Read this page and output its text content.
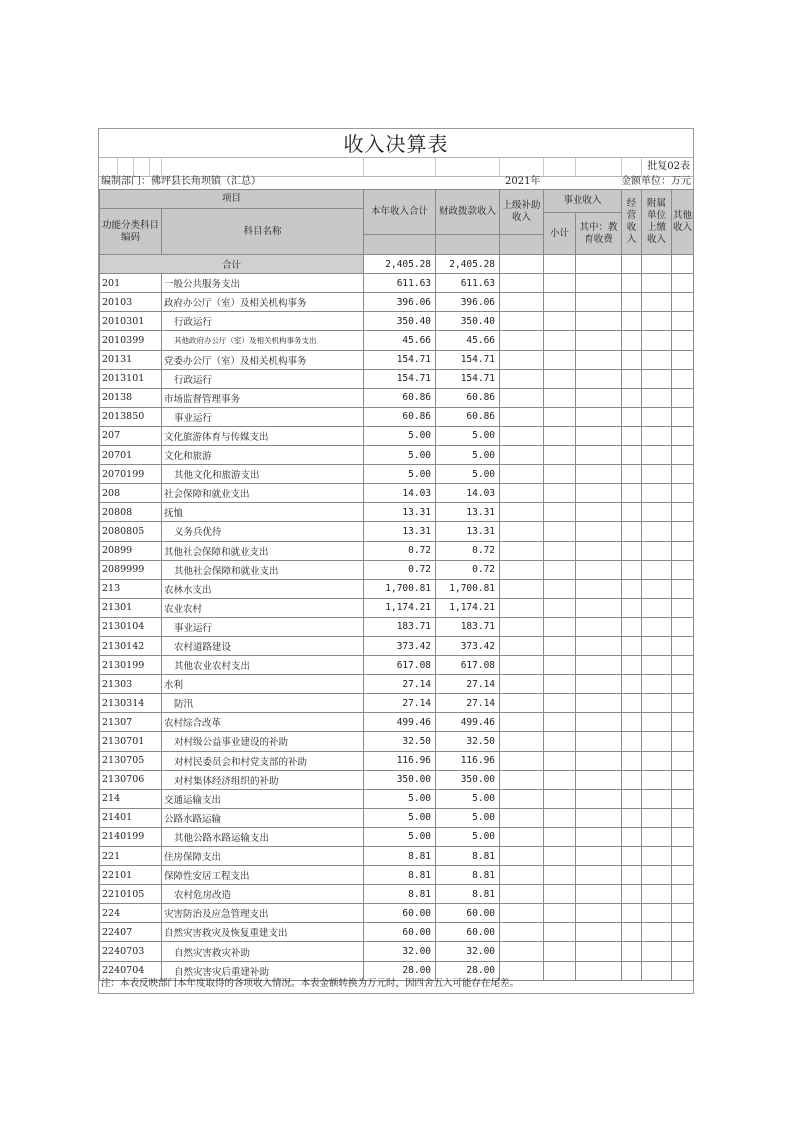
收入决算表
批复02表
编制部门：佛坪县长角坝镇（汇总）	2021年	金额单位：万元
项目		本年收入合计	财政拨款收入	上级补助收入	事业收入		经营收入	附属单位上缴收入	其他收入
功能分类科目编码	科目名称								
					小计	其中：教育收费			

合计		2,405.28	2,405.28						
201	一般公共服务支出	611.63	611.63						
20103	政府办公厅（室）及相关机构事务	396.06	396.06						
2010301	行政运行	350.40	350.40						
2010399	其他政府办公厅（室）及相关机构事务支出	45.66	45.66						
20131	党委办公厅（室）及相关机构事务	154.71	154.71						
2013101	行政运行	154.71	154.71						
20138	市场监督管理事务	60.86	60.86						
2013850	事业运行	60.86	60.86						
207	文化旅游体育与传媒支出	5.00	5.00						
20701	文化和旅游	5.00	5.00						
2070199	其他文化和旅游支出	5.00	5.00						
208	社会保障和就业支出	14.03	14.03						
20808	抚恤	13.31	13.31						
2080805	义务兵优待	13.31	13.31						
20899	其他社会保障和就业支出	0.72	0.72						
2089999	其他社会保障和就业支出	0.72	0.72						
213	农林水支出	1,700.81	1,700.81						
21301	农业农村	1,174.21	1,174.21						
2130104	事业运行	183.71	183.71						
2130142	农村道路建设	373.42	373.42						
2130199	其他农业农村支出	617.08	617.08						
21303	水利	27.14	27.14						
2130314	防汛	27.14	27.14						
21307	农村综合改革	499.46	499.46						
2130701	对村级公益事业建设的补助	32.50	32.50						
2130705	对村民委员会和村党支部的补助	116.96	116.96						
2130706	对村集体经济组织的补助	350.00	350.00						
214	交通运输支出	5.00	5.00						
21401	公路水路运输	5.00	5.00						
2140199	其他公路水路运输支出	5.00	5.00						
221	住房保障支出	8.81	8.81						
22101	保障性安居工程支出	8.81	8.81						
2210105	农村危房改造	8.81	8.81						
224	灾害防治及应急管理支出	60.00	60.00						
22407	自然灾害救灾及恢复重建支出	60.00	60.00						
2240703	自然灾害救灾补助	32.00	32.00						
2240704	自然灾害灾后重建补助	28.00	28.00						
注：本表反映部门本年度取得的各项收入情况。本表金额转换为万元时，因四舍五入可能存在尾差。
